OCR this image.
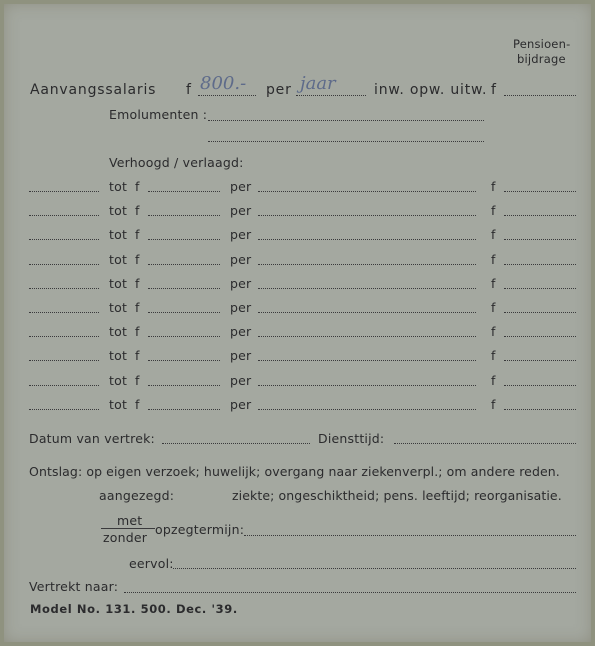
Pensioen-
bijdrage
Aanvangssalaris f 800.- per jaar	inw. opw. uitw. f
Emolumenten :
Verhoogd / verlaagd:
tot f	per	f
tot f	per	f
tot f	per	f
tot f	per	f
tot f	per	f
tot f	per	f
tot f	per	f
tot f	per	f
tot f	per	f
tot f	per	f
Datum van vertrek:	Diensttijd:
Ontslag: op eigen verzoek; huwelijk; overgang naar ziekenverpl.; om andere reden.
aangezegd:	ziekte; ongeschiktheid; pens. leeftijd; reorganisatie.
met
zonder
opzegtermijn:
eervol:
Vertrekt naar:
Model No. 131. 500. Dec. '39.
